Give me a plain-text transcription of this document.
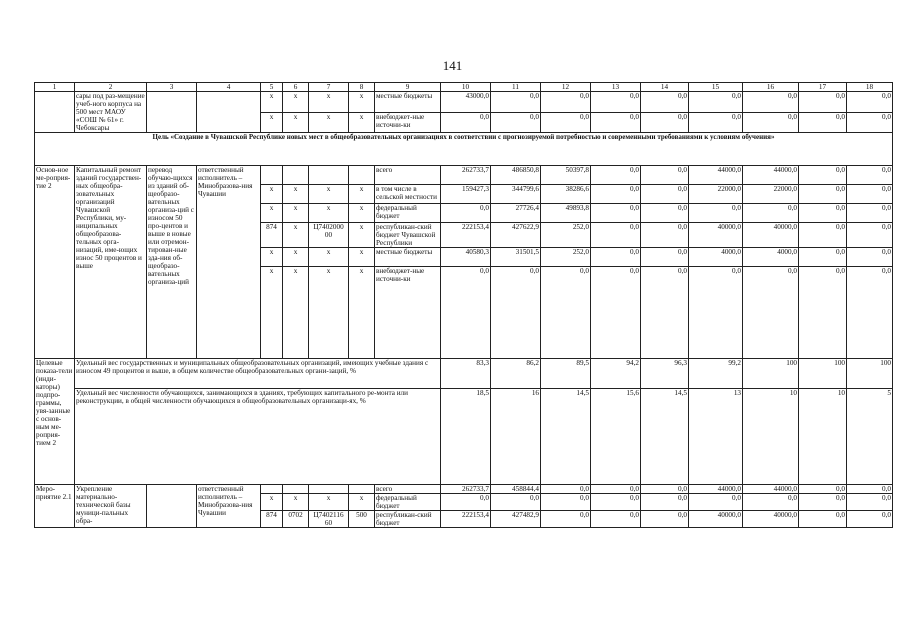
141
1	2	3	4	5	6	7	8	9	10	11	12	13	14	15	16	17	18
	сары под раз-мещение учеб-ного корпуса на 500 мест МАОУ «СОШ № 61» г. Чебоксары			x	x	x	x	местные бюджеты	43000,0	0,0	0,0	0,0	0,0	0,0	0,0	0,0	0,0
				x	x	x	x	внебюджет-ные источни-ки	0,0	0,0	0,0	0,0	0,0	0,0	0,0	0,0	0,0
Цель «Создание в Чувашской Республике новых мест в общеобразовательных организациях в соответствии с прогнозируемой потребностью и современными требованиями к условиям обучения»																	
Основ-ное ме-роприя-тие 2	Капитальный ремонт зданий государствен-ных общеобра-зовательных организаций Чувашской Республики, му-ниципальных общеобразова-тельных орга-низаций, име-ющих износ 50 процентов и выше	перевод обучаю-щихся из зданий об-щеобразо-вательных организа-ций с износом 50 про-центов и выше в новые или отремон-тирован-ные зда-ния об-щеобразо-вательных организа-ций	ответственный исполнитель – Минобразова-ния Чувашии					всего	262733,7	486850,8	50397,8	0,0	0,0	44000,0	44000,0	0,0	0,0
				x	x	x	x	в том числе в сельской местности	159427,3	344799,6	38286,6	0,0	0,0	22000,0	22000,0	0,0	0,0
				x	x	x	x	федеральный бюджет	0,0	27726,4	49893,8	0,0	0,0	0,0	0,0	0,0	0,0
				874	x	Ц7402000 00	x	республикан-ский бюджет Чувашской Республики	222153,4	427622,9	252,0	0,0	0,0	40000,0	40000,0	0,0	0,0
				x	x	x	x	местные бюджеты	40580,3	31501,5	252,0	0,0	0,0	4000,0	4000,0	0,0	0,0
				x	x	x	x	внебюджет-ные источни-ки	0,0	0,0	0,0	0,0	0,0	0,0	0,0	0,0	0,0
Целевые показа-тели (инди-каторы) подпро-граммы, увя-занные с основ-ным ме-роприя-тием 2	Удельный вес государственных и муниципальных общеобразовательных организаций, имеющих учебные здания с износом 49 процентов и выше, в общем количестве общеобразовательных органи-заций, %								83,3	86,2	89,5	94,2	96,3	99,2	100	100	100
	Удельный вес численности обучающихся, занимающихся в зданиях, требующих капитального ре-монта или реконструкции, в общей численности обучающихся в общеобразовательных организаци-ях, %								18,5	16	14,5	15,6	14,5	13	10	10	5
Меро-приятие 2.1	Укрепление материально-технической базы муници-пальных обра-		ответственный исполнитель – Минобразова-ния Чувашии					всего	262733,7	458844,4	0,0	0,0	0,0	44000,0	44000,0	0,0	0,0
				x	x	x	x	федеральный бюджет	0,0	0,0	0,0	0,0	0,0	0,0	0,0	0,0	0,0
				874	0702	Ц7402116 60	500	республикан-ский бюджет	222153,4	427482,9	0,0	0,0	0,0	40000,0	40000,0	0,0	0,0
